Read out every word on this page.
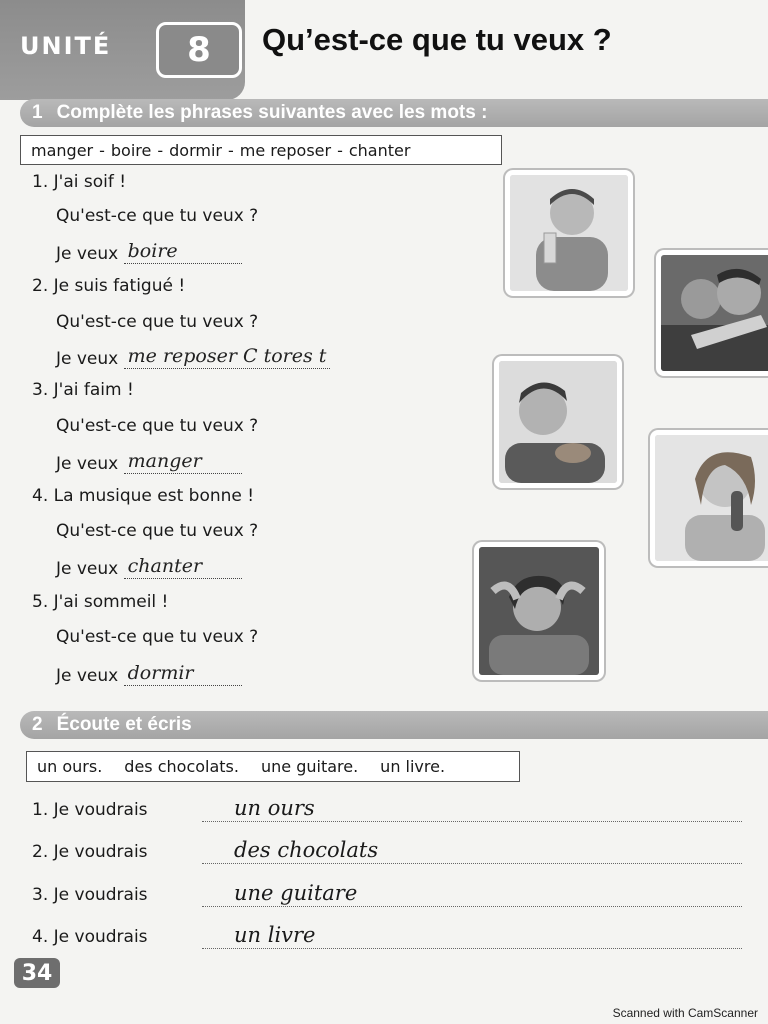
UNITÉ	8	Qu’est-ce que tu veux ?
1 Complète les phrases suivantes avec les mots :
manger - boire - dormir - me reposer - chanter
1. J'ai soif !
Qu'est-ce que tu veux ?
Je veux boire
2. Je suis fatigué !
Qu'est-ce que tu veux ?
Je veux me reposer C tores t
3. J'ai faim !
Qu'est-ce que tu veux ?
Je veux manger
4. La musique est bonne !
Qu'est-ce que tu veux ?
Je veux chanter
5. J'ai sommeil !
Qu'est-ce que tu veux ?
Je veux dormir
2 Écoute et écris
un ours. des chocolats. une guitare. un livre.
1. Je voudrais	un ours
2. Je voudrais	des chocolats
3. Je voudrais	une guitare
4. Je voudrais	un livre
34
Scanned with CamScanner
